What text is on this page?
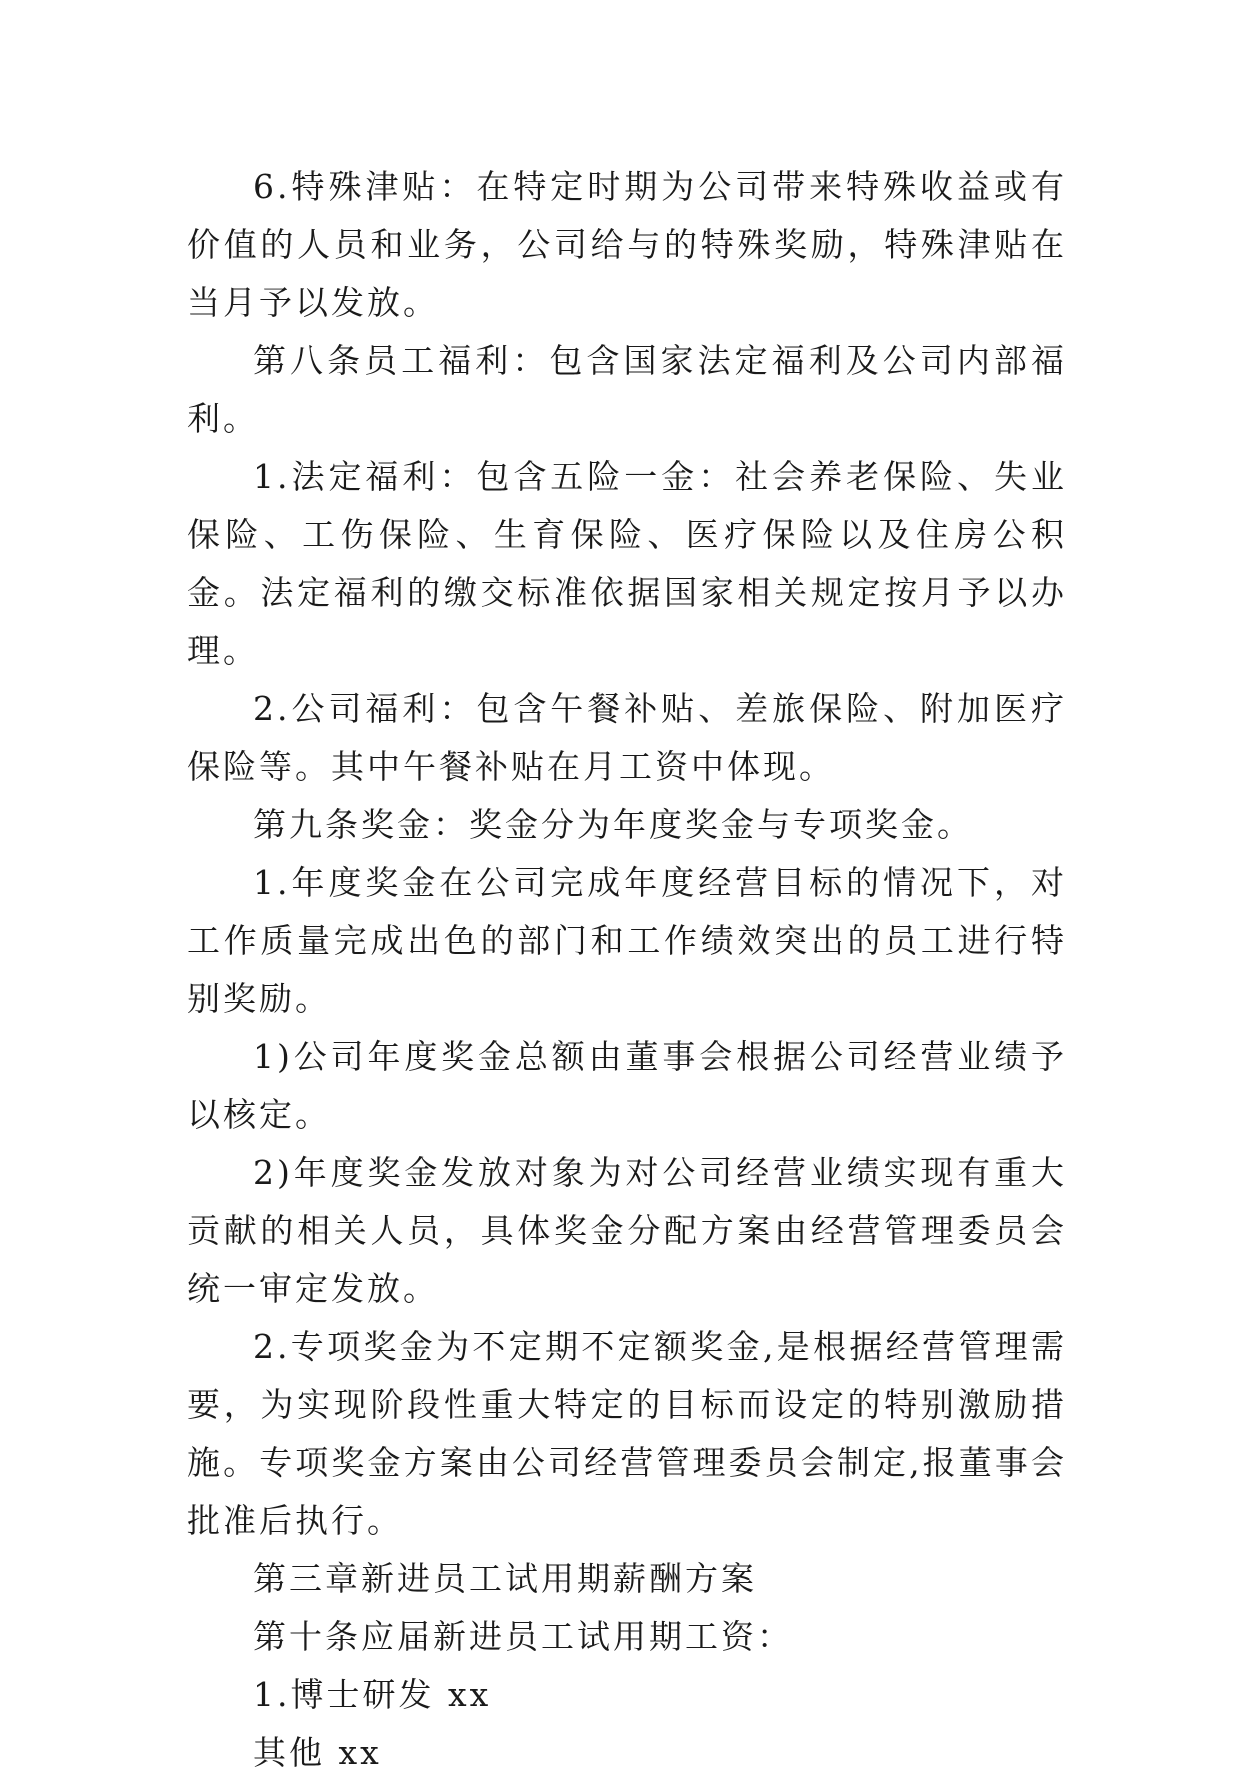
6.特殊津贴：在特定时期为公司带来特殊收益或有价值的人员和业务，公司给与的特殊奖励，特殊津贴在当月予以发放。

第八条员工福利：包含国家法定福利及公司内部福利。

1.法定福利：包含五险一金：社会养老保险、失业保险、工伤保险、生育保险、医疗保险以及住房公积金。法定福利的缴交标准依据国家相关规定按月予以办理。

2.公司福利：包含午餐补贴、差旅保险、附加医疗保险等。其中午餐补贴在月工资中体现。

第九条奖金：奖金分为年度奖金与专项奖金。

1.年度奖金在公司完成年度经营目标的情况下，对工作质量完成出色的部门和工作绩效突出的员工进行特别奖励。

1)公司年度奖金总额由董事会根据公司经营业绩予以核定。

2)年度奖金发放对象为对公司经营业绩实现有重大贡献的相关人员，具体奖金分配方案由经营管理委员会统一审定发放。

2.专项奖金为不定期不定额奖金,是根据经营管理需要，为实现阶段性重大特定的目标而设定的特别激励措施。专项奖金方案由公司经营管理委员会制定,报董事会批准后执行。

第三章新进员工试用期薪酬方案

第十条应届新进员工试用期工资：

1.博士研发 xx

其他 xx
